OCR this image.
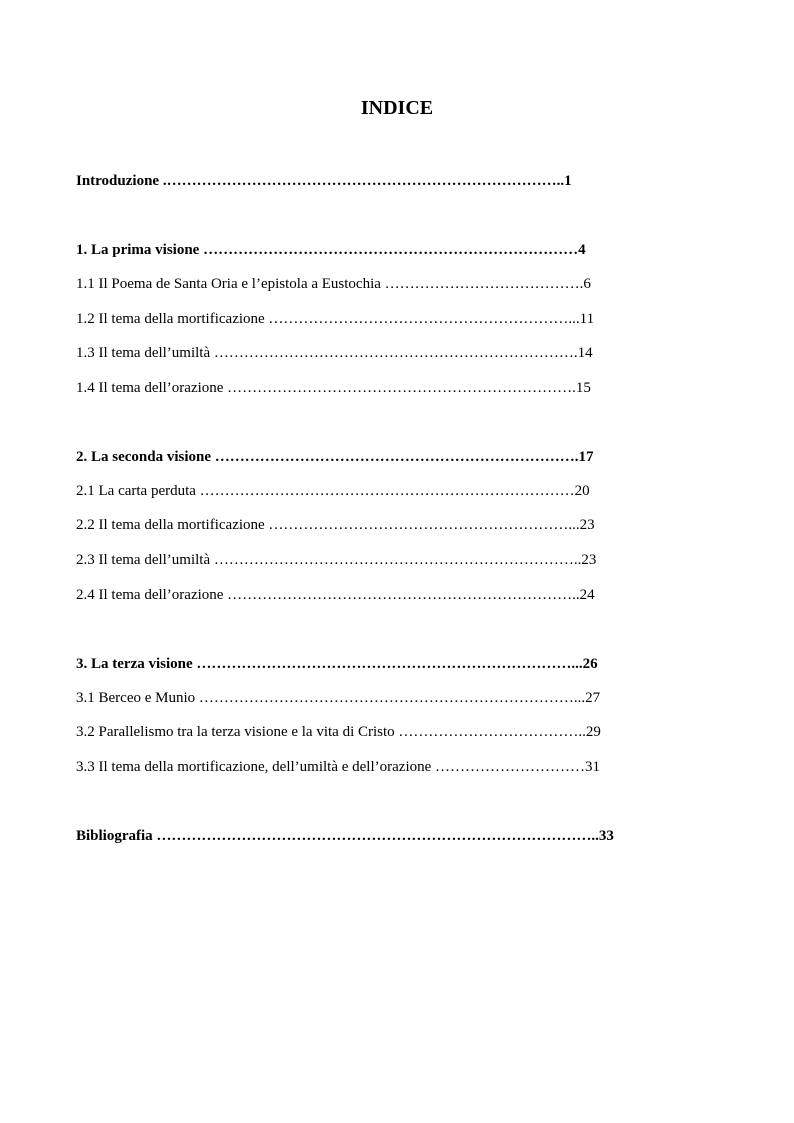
INDICE
Introduzione .……………………………………………………………………..1
1. La prima visione …………………………………………………………………4
1.1 Il Poema de Santa Oria e l’epistola a Eustochia ………………………………….6
1.2 Il tema della mortificazione ……………………………………………………...11
1.3 Il tema dell’umiltà ……………………………………………………………….14
1.4 Il tema dell’orazione …………………………………………………………….15
2. La seconda visione ……………………………………………………………….17
2.1 La carta perduta …………………………………………………………………20
2.2 Il tema della mortificazione ……………………………………………………...23
2.3 Il tema dell’umiltà ………………………………………………………………..23
2.4 Il tema dell’orazione ……………………………………………………………..24
3. La terza visione …………………………………………………………………...26
3.1 Berceo e Munio …………………………………………………………………...27
3.2 Parallelismo tra la terza visione e la vita di Cristo ………………………………..29
3.3 Il tema della mortificazione, dell’umiltà e dell’orazione …………………………31
Bibliografia ……………………………………………………………………………..33
